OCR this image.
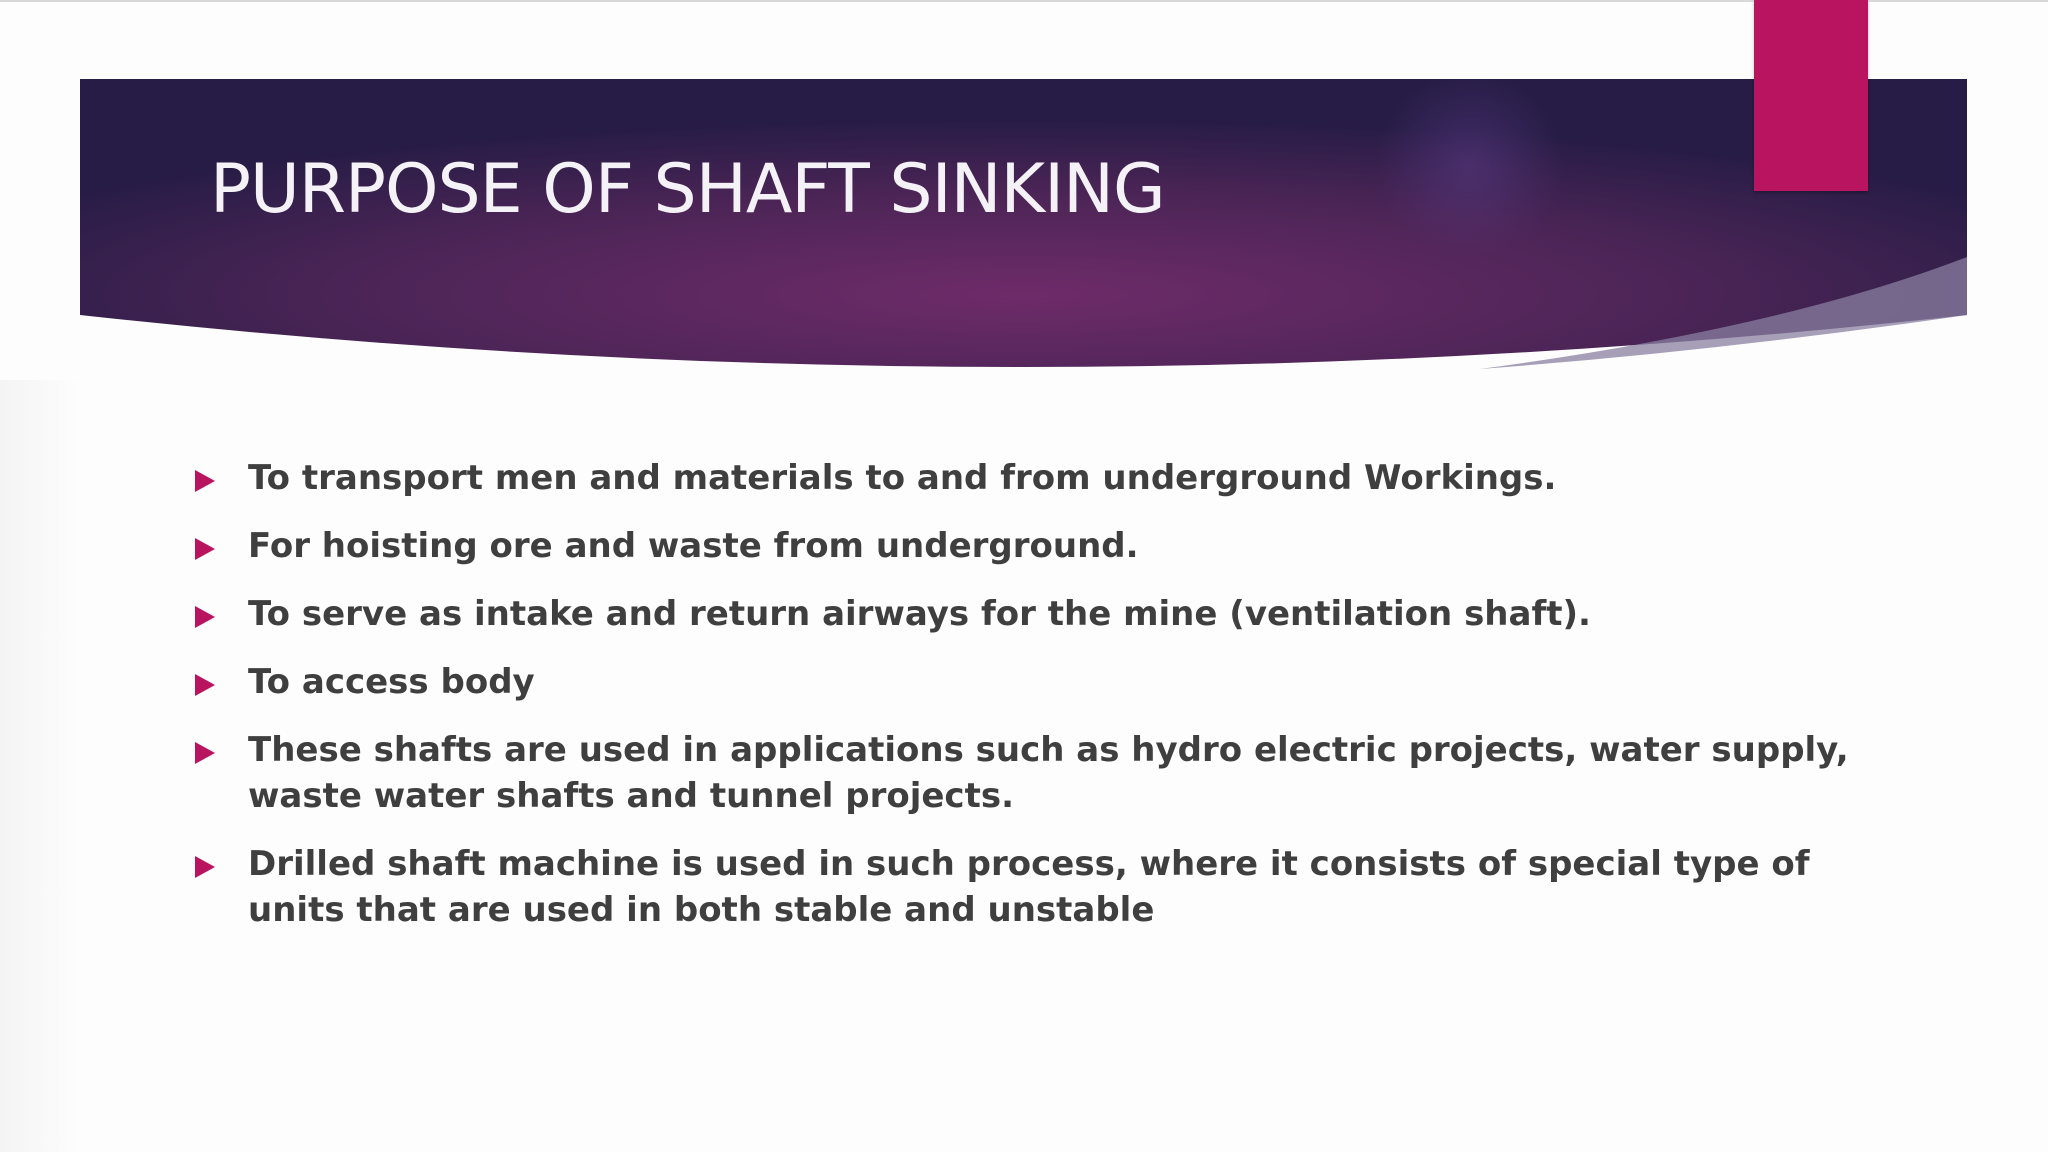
PURPOSE OF SHAFT SINKING
To transport men and materials to and from underground Workings.
For hoisting ore and waste from underground.
To serve as intake and return airways for the mine (ventilation shaft).
To access body
These shafts are used in applications such as hydro electric projects, water supply, waste water shafts and tunnel projects.
Drilled shaft machine is used in such process, where it consists of special type of units that are used in both stable and unstable
